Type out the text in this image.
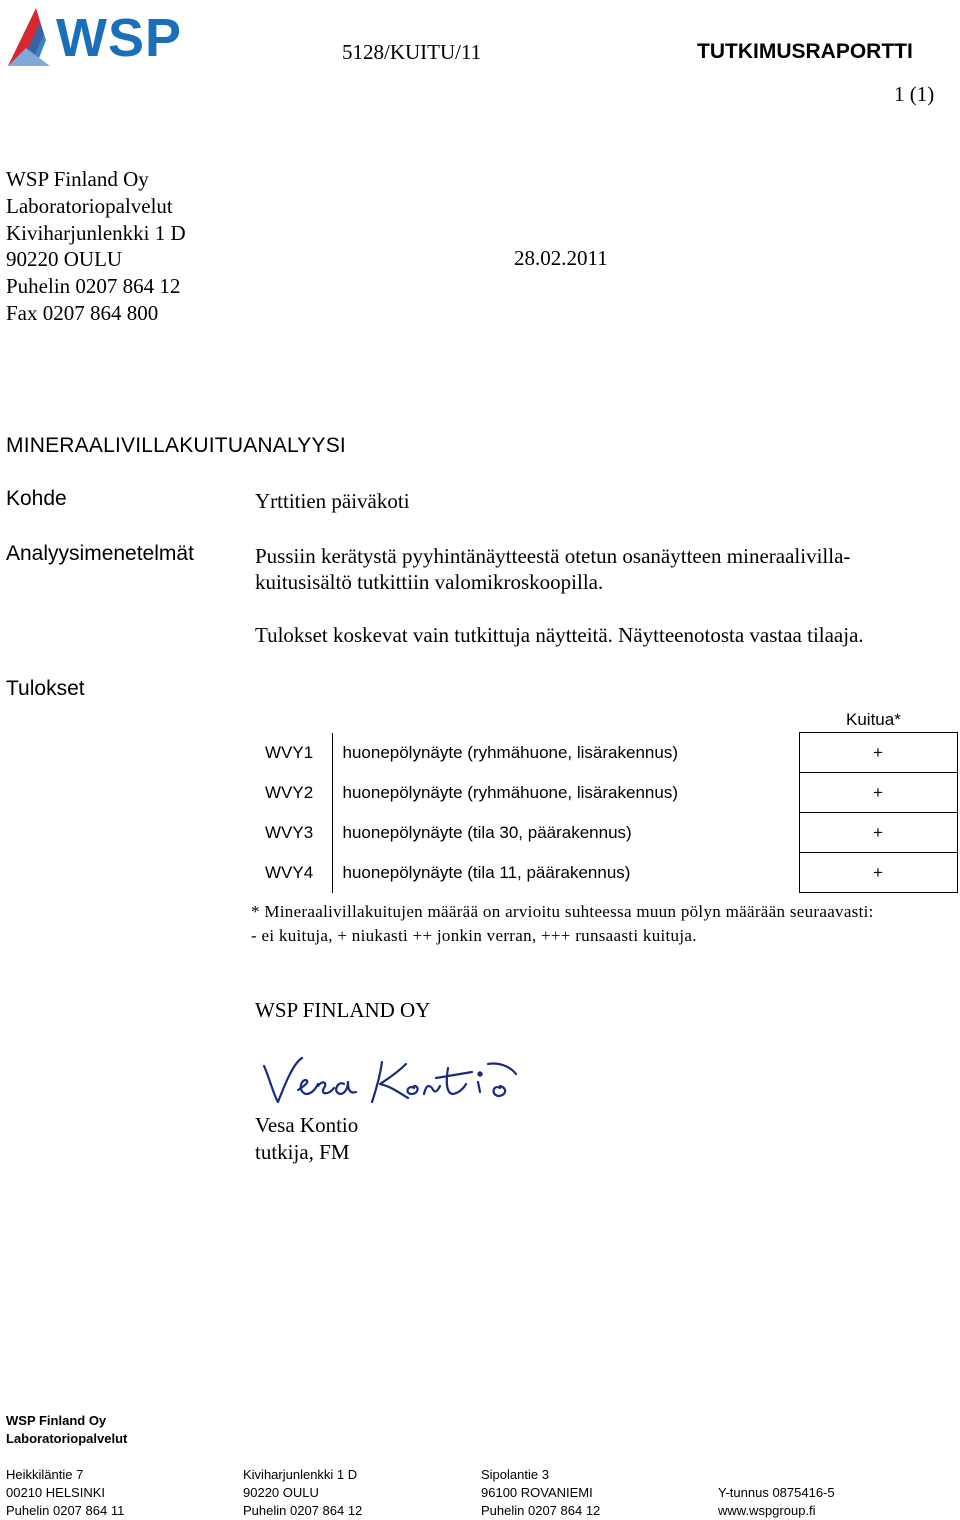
WSP	5128/KUITU/11	TUTKIMUSRAPORTTI
1 (1)
WSP Finland Oy
Laboratoriopalvelut
Kiviharjunlenkki 1 D
90220 OULU
Puhelin 0207 864 12
Fax 0207 864 800
28.02.2011
MINERAALIVILLAKUITUANALYYSI
Kohde	Yrttitien päiväkoti
Analyysimenetelmät	Pussiin kerätystä pyyhintänäytteestä otetun osanäytteen mineraalivilla-
kuitusisältö tutkittiin valomikroskoopilla.
Tulokset koskevat vain tutkittuja näytteitä. Näytteenotosta vastaa tilaaja.
Tulokset
Kuitua*
WVY1	huonepölynäyte (ryhmähuone, lisärakennus)	+
WVY2	huonepölynäyte (ryhmähuone, lisärakennus)	+
WVY3	huonepölynäyte (tila 30, päärakennus)	+
WVY4	huonepölynäyte (tila 11, päärakennus)	+
* Mineraalivillakuitujen määrää on arvioitu suhteessa muun pölyn määrään seuraavasti:
- ei kuituja, + niukasti ++ jonkin verran, +++ runsaasti kuituja.
WSP FINLAND OY
Vesa Kontio
tutkija, FM
WSP Finland Oy
Laboratoriopalvelut
Heikkiläntie 7
00210 HELSINKI
Puhelin 0207 864 11
Kiviharjunlenkki 1 D
90220 OULU
Puhelin 0207 864 12
Sipolantie 3
96100 ROVANIEMI
Puhelin 0207 864 12
Y-tunnus 0875416-5
www.wspgroup.fi
